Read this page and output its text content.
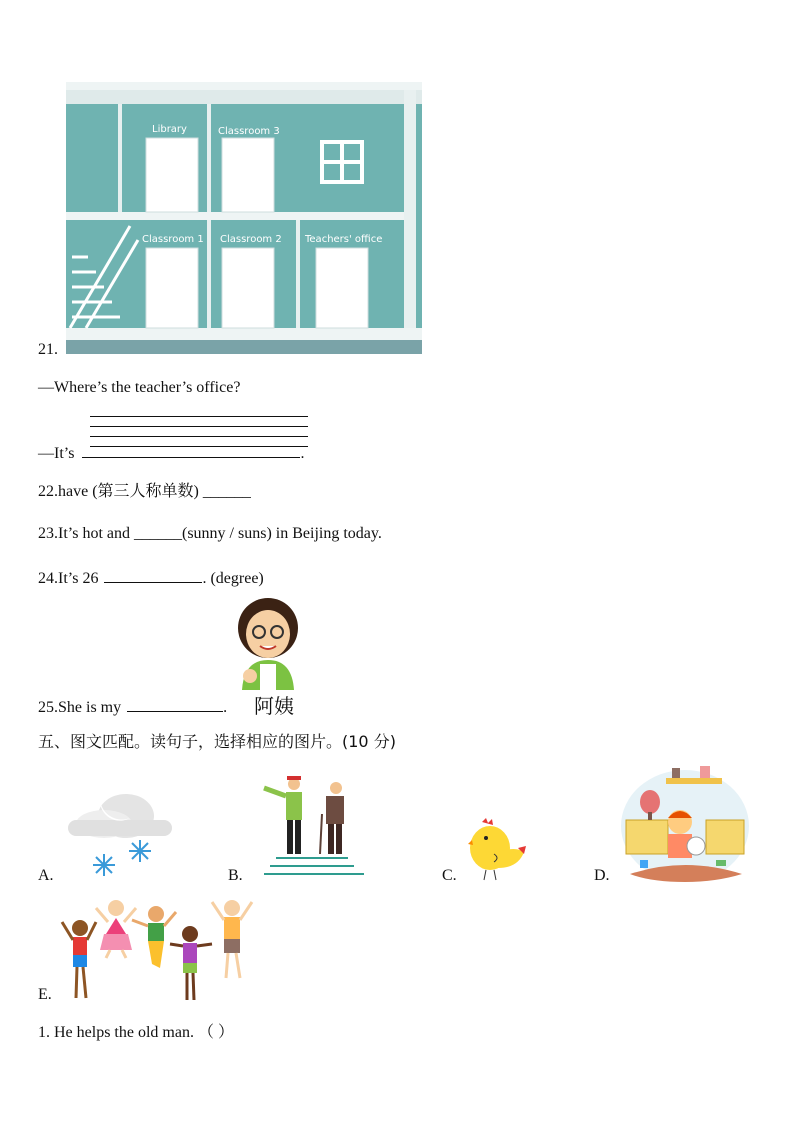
Library	Classroom 3
Classroom 1 Classroom 2 Teachers' office
21.
—Where’s the teacher’s office?
—It’s	.
22.have (第三人称单数) ______
23.It’s hot and ______(sunny / suns) in Beijing today.
24.It’s 26	. (degree)
阿姨
25.She is my	.
五、图文匹配。读句子，选择相应的图片。(10 分)
A.	B.	C.	D.
E.
1. He helps the old man. （ ）
